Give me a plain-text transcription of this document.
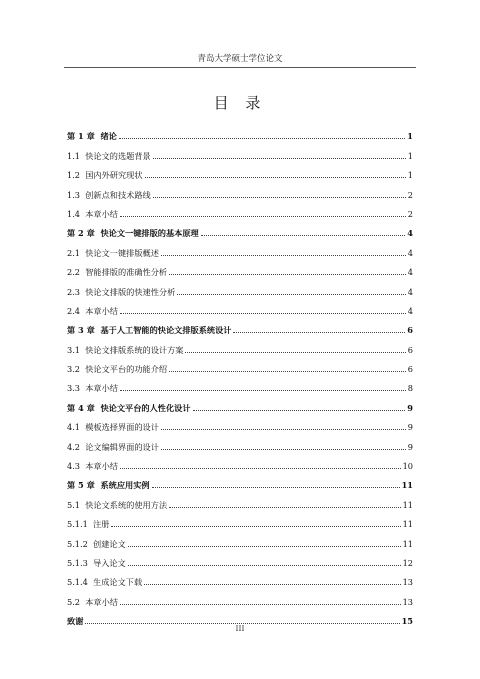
青岛大学硕士学位论文
目 录
第 1 章  绪论	1
1.1  快论文的选题背景	1
1.2  国内外研究现状	1
1.3  创新点和技术路线	2
1.4  本章小结	2
第 2 章  快论文一键排版的基本原理	4
2.1  快论文一键排版概述	4
2.2  智能排版的准确性分析	4
2.3  快论文排版的快速性分析	4
2.4  本章小结	4
第 3 章  基于人工智能的快论文排版系统设计	6
3.1  快论文排版系统的设计方案	6
3.2  快论文平台的功能介绍	6
3.3  本章小结	8
第 4 章  快论文平台的人性化设计	9
4.1  模板选择界面的设计	9
4.2  论文编辑界面的设计	9
4.3  本章小结	10
第 5 章  系统应用实例	11
5.1  快论文系统的使用方法	11
5.1.1  注册	11
5.1.2  创建论文	11
5.1.3  导入论文	12
5.1.4  生成论文下载	13
5.2  本章小结	13
致谢	15
III
